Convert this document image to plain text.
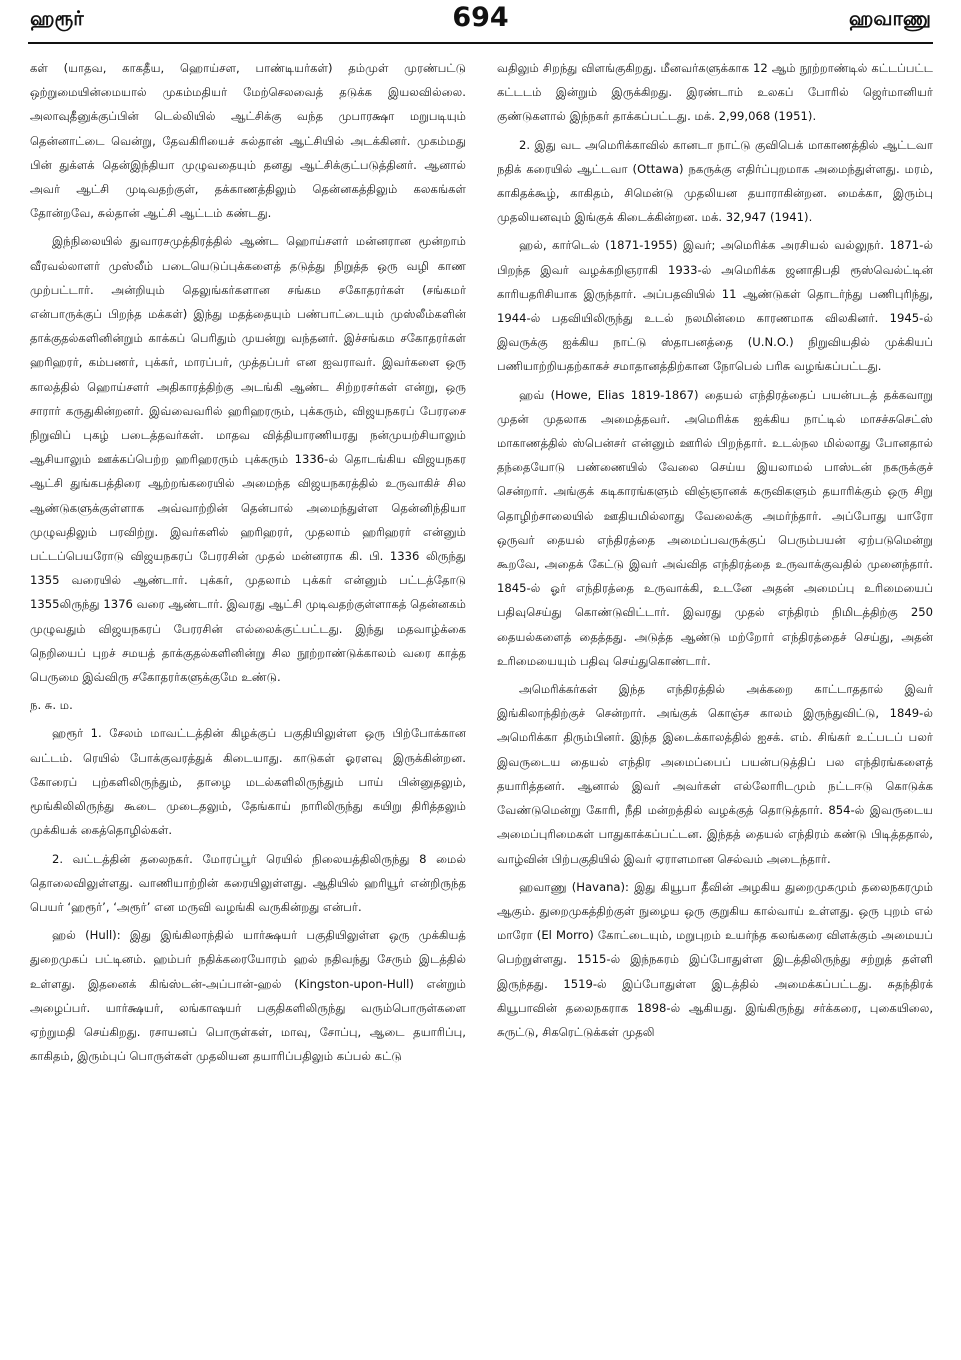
ஹரூர்	694	ஹவாணு

கள் (யாதவ, காகதீய, ஹொய்சள, பாண்டியர்கள்) தம்முள் முரண்பட்டு ஒற்றுமையின்மையால் முகம்மதியர் மேற்செலவைத் தடுக்க இயலவில்லை. அலாவுதீனுக்குப்பின் டெல்லியில் ஆட்சிக்கு வந்த முபாரக்ஷா மறுபடியும் தென்னாட்டை வென்று, தேவகிரியைச் சுல்தான் ஆட்சியில் அடக்கினர். முகம்மது பின் துக்ளக் தென்இந்தியா முழுவதையும் தனது ஆட்சிக்குட்படுத்தினர். ஆனால் அவர் ஆட்சி முடிவதற்குள், தக்காணத்திலும் தென்னகத்திலும் கலகங்கள் தோன்றவே, சுல்தான் ஆட்சி ஆட்டம் கண்டது.

இந்நிலையில் துவாரசமுத்திரத்தில் ஆண்ட ஹொய்சளர் மன்னரான மூன்றாம் வீரவல்லாளர் முஸ்லீம் படையெடுப்புக்களைத் தடுத்து நிறுத்த ஒரு வழி காண முற்பட்டார். அன்றியும் தெலுங்கர்களான சங்கம சகோதரர்கள் (சங்கமர் என்பாருக்குப் பிறந்த மக்கள்) இந்து மதத்தையும் பண்பாட்டையும் முஸ்லீம்களின் தாக்குதல்களினின்றும் காக்கப் பெரிதும் முயன்று வந்தனர். இச்சங்கம சகோதரர்கள் ஹரிஹரர், கம்பணர், புக்கர், மாரப்பர், முத்தப்பர் என ஐவராவர். இவர்களை ஒரு காலத்தில் ஹொய்சளர் அதிகாரத்திற்கு அடங்கி ஆண்ட சிற்றரசர்கள் என்று, ஒரு சாரார் கருதுகின்றனர். இவ்வைவரில் ஹரிஹரரும், புக்கரும், விஜயநகரப் பேரரசை நிறுவிப் புகழ் படைத்தவர்கள். மாதவ வித்தியாரணியரது நன்முயற்சியாலும் ஆசியாலும் ஊக்கப்பெற்ற ஹரிஹரரும் புக்கரும் 1336-ல் தொடங்கிய விஜயநகர ஆட்சி துங்கபத்திரை ஆற்றங்கரையில் அமைந்த விஜயநகரத்தில் உருவாகிச் சில ஆண்டுகளுக்குள்ளாக அவ்வாற்றின் தென்பால் அமைந்துள்ள தென்னிந்தியா முழுவதிலும் பரவிற்று. இவர்களில் ஹரிஹரர், முதலாம் ஹரிஹரர் என்னும் பட்டப்பெயரோடு விஜயநகரப் பேரரசின் முதல் மன்னராக கி. பி. 1336 லிருந்து 1355 வரையில் ஆண்டார். புக்கர், முதலாம் புக்கர் என்னும் பட்டத்தோடு 1355லிருந்து 1376 வரை ஆண்டார். இவரது ஆட்சி முடிவதற்குள்ளாகத் தென்னகம் முழுவதும் விஜயநகரப் பேரரசின் எல்லைக்குட்பட்டது. இந்து மதவாழ்க்கை நெறியைப் புறச் சமயத் தாக்குதல்களினின்று சில நூற்றாண்டுக்காலம் வரை காத்த பெருமை இவ்விரு சகோதரர்களுக்குமே உண்டு.

ந. சு. ம.

ஹரூர் 1. சேலம் மாவட்டத்தின் கிழக்குப் பகுதியிலுள்ள ஒரு பிற்போக்கான வட்டம். ரெயில் போக்குவரத்துக் கிடையாது. காடுகள் ஓரளவு இருக்கின்றன. கோரைப் புற்களிலிருந்தும், தாழை மடல்களிலிருந்தும் பாய் பின்னுதலும், மூங்கிலிலிருந்து கூடை முடைதலும், தேங்காய் நாரிலிருந்து கயிறு திரித்தலும் முக்கியக் கைத்தொழில்கள்.

2. வட்டத்தின் தலைநகர். மோரப்பூர் ரெயில் நிலையத்திலிருந்து 8 மைல் தொலைவிலுள்ளது. வாணியாற்றின் கரையிலுள்ளது. ஆதியில் ஹரியூர் என்றிருந்த பெயர் ‘ஹரூர்’, ‘அரூர்’ என மருவி வழங்கி வருகின்றது என்பர்.

ஹல் (Hull): இது இங்கிலாந்தில் யார்க்ஷயர் பகுதியிலுள்ள ஒரு முக்கியத் துறைமுகப் பட்டினம். ஹம்பர் நதிக்கரையோரம் ஹல் நதிவந்து சேரும் இடத்தில் உள்ளது. இதனைக் கிங்ஸ்டன்-அப்பான்-ஹல் (Kingston-upon-Hull) என்றும் அழைப்பர். யார்க்ஷயர், லங்காஷயர் பகுதிகளிலிருந்து வரும்பொருள்களை ஏற்றுமதி செய்கிறது. ரசாயனப் பொருள்கள், மாவு, சோப்பு, ஆடை தயாரிப்பு, காகிதம், இரும்புப் பொருள்கள் முதலியன தயாரிப்பதிலும் கப்பல் கட்டு

வதிலும் சிறந்து விளங்குகிறது. மீனவர்களுக்காக 12 ஆம் நூற்றாண்டில் கட்டப்பட்ட கட்டடம் இன்றும் இருக்கிறது. இரண்டாம் உலகப் போரில் ஜெர்மானியர் குண்டுகளால் இந்நகர் தாக்கப்பட்டது. மக். 2,99,068 (1951).

2. இது வட அமெரிக்காவில் கானடா நாட்டு குவிபெக் மாகாணத்தில் ஆட்டவா நதிக் கரையில் ஆட்டவா (Ottawa) நகருக்கு எதிர்ப்புறமாக அமைந்துள்ளது. மரம், காகிதக்கூழ், காகிதம், சிமென்டு முதலியன தயாராகின்றன. மைக்கா, இரும்பு முதலியனவும் இங்குக் கிடைக்கின்றன. மக். 32,947 (1941).

ஹல், கார்டெல் (1871-1955) இவர்; அமெரிக்க அரசியல் வல்லுநர். 1871-ல் பிறந்த இவர் வழக்கறிஞராகி 1933-ல் அமெரிக்க ஜனாதிபதி ரூஸ்வெல்ட்டின் காரியதரிசியாக இருந்தார். அப்பதவியில் 11 ஆண்டுகள் தொடர்ந்து பணிபுரிந்து, 1944-ல் பதவியிலிருந்து உடல் நலமின்மை காரணமாக விலகினர். 1945-ல் இவருக்கு ஐக்கிய நாட்டு ஸ்தாபனத்தை (U.N.O.) நிறுவியதில் முக்கியப் பணியாற்றியதற்காகச் சமாதானத்திற்கான நோபெல் பரிசு வழங்கப்பட்டது.

ஹவ் (Howe, Elias 1819-1867) தையல் எந்திரத்தைப் பயன்படத் தக்கவாறு முதன் முதலாக அமைத்தவர். அமெரிக்க ஐக்கிய நாட்டில் மாசச்சுசெட்ஸ் மாகாணத்தில் ஸ்பென்சர் என்னும் ஊரில் பிறந்தார். உடல்நல மில்லாது போனதால் தந்தையோடு பண்ணையில் வேலை செய்ய இயலாமல் பாஸ்டன் நகருக்குச் சென்றார். அங்குக் கடிகாரங்களும் விஞ்ஞானக் கருவிகளும் தயாரிக்கும் ஒரு சிறு தொழிற்சாலையில் ஊதியமில்லாது வேலைக்கு அமர்ந்தார். அப்போது யாரோ ஒருவர் தையல் எந்திரத்தை அமைப்பவருக்குப் பெரும்பயன் ஏற்படுமென்று கூறவே, அதைக் கேட்டு இவர் அவ்வித எந்திரத்தை உருவாக்குவதில் முனைந்தார். 1845-ல் ஓர் எந்திரத்தை உருவாக்கி, உடனே அதன் அமைப்பு உரிமையைப் பதிவுசெய்து கொண்டுவிட்டார். இவரது முதல் எந்திரம் நிமிடத்திற்கு 250 தையல்களைத் தைத்தது. அடுத்த ஆண்டு மற்றோர் எந்திரத்தைச் செய்து, அதன் உரிமையையும் பதிவு செய்துகொண்டார்.

அமெரிக்கர்கள் இந்த எந்திரத்தில் அக்கறை காட்டாததால் இவர் இங்கிலாந்திற்குச் சென்றார். அங்குக் கொஞ்ச காலம் இருந்துவிட்டு, 1849-ல் அமெரிக்கா திரும்பினர். இந்த இடைக்காலத்தில் ஐசக். எம். சிங்கர் உட்படப் பலர் இவருடைய தையல் எந்திர அமைப்பைப் பயன்படுத்திப் பல எந்திரங்களைத் தயாரித்தனர். ஆனால் இவர் அவர்கள் எல்லோரிடமும் நட்டஈடு கொடுக்க வேண்டுமென்று கோரி, நீதி மன்றத்தில் வழக்குத் தொடுத்தார். 854-ல் இவருடைய அமைப்புரிமைகள் பாதுகாக்கப்பட்டன. இந்தத் தையல் எந்திரம் கண்டு பிடித்ததால், வாழ்வின் பிற்பகுதியில் இவர் ஏராளமான செல்வம் அடைந்தார்.

ஹவாணு (Havana): இது கியூபா தீவின் அழகிய துறைமுகமும் தலைநகரமும் ஆகும். துறைமுகத்திற்குள் நுழைய ஒரு குறுகிய கால்வாய் உள்ளது. ஒரு புறம் எல் மாரோ (El Morro) கோட்டையும், மறுபுறம் உயர்ந்த கலங்கரை விளக்கும் அமையப் பெற்றுள்ளது. 1515-ல் இந்நகரம் இப்போதுள்ள இடத்திலிருந்து சற்றுத் தள்ளி இருந்தது. 1519-ல் இப்போதுள்ள இடத்தில் அமைக்கப்பட்டது. சுதந்திரக் கியூபாவின் தலைநகராக 1898-ல் ஆகியது. இங்கிருந்து சர்க்கரை, புகையிலை, சுருட்டு, சிகரெட்டுக்கள் முதலி
